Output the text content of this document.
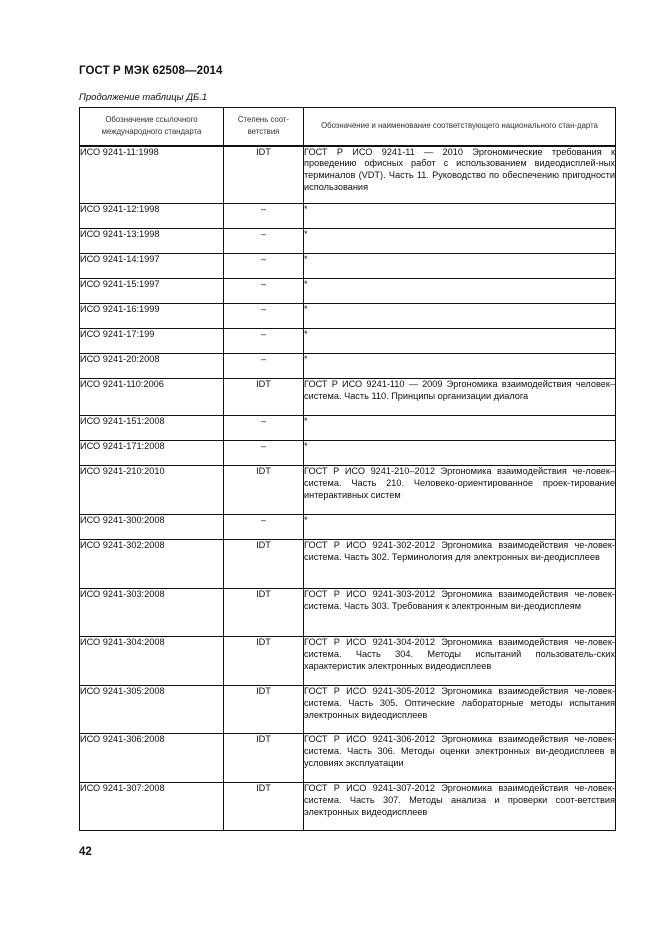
ГОСТ Р МЭК 62508—2014
Продолжение таблицы ДБ.1
Обозначение ссылочного международного стандарта	Степень соот-ветствия	Обозначение и наименование соответствующего национального стан-дарта
ИСО 9241-11:1998	IDT	ГОСТ Р ИСО 9241-11 — 2010 Эргономические требования к проведению офисных работ с использованием видеодисплей-ных терминалов (VDT). Часть 11. Руководство по обеспечению пригодности использования
ИСО 9241-12:1998	–	*
ИСО 9241-13:1998	–	*
ИСО 9241-14:1997	–	*
ИСО 9241-15:1997	–	*
ИСО 9241-16:1999	–	*
ИСО 9241-17:199	–	*
ИСО 9241-20:2008	–	*
ИСО 9241-110:2006	IDT	ГОСТ Р ИСО 9241-110 — 2009 Эргономика взаимодействия человек–система. Часть 110. Принципы организации диалога
ИСО 9241-151:2008	–	*
ИСО 9241-171:2008	–	*
ИСО 9241-210:2010	IDT	ГОСТ Р ИСО 9241-210–2012 Эргономика взаимодействия че-ловек–система. Часть 210. Человеко-ориентированное проек-тирование интерактивных систем
ИСО 9241-300:2008	–	*
ИСО 9241-302:2008	IDT	ГОСТ Р ИСО 9241-302-2012 Эргономика взаимодействия че-ловек-система. Часть 302. Терминология для электронных ви-деодисплеев
ИСО 9241-303:2008	IDT	ГОСТ Р ИСО 9241-303-2012 Эргономика взаимодействия че-ловек-система. Часть 303. Требования к электронным ви-деодисплеям
ИСО 9241-304:2008	IDT	ГОСТ Р ИСО 9241-304-2012 Эргономика взаимодействия че-ловек-система. Часть 304. Методы испытаний пользователь-ских характеристик электронных видеодисплеев
ИСО 9241-305:2008	IDT	ГОСТ Р ИСО 9241-305-2012 Эргономика взаимодействия че-ловек-система. Часть 305. Оптические лабораторные методы испытания электронных видеодисплеев
ИСО 9241-306:2008	IDT	ГОСТ Р ИСО 9241-306-2012 Эргономика взаимодействия че-ловек-система. Часть 306. Методы оценки электронных ви-деодисплеев в условиях эксплуатации
ИСО 9241-307:2008	IDT	ГОСТ Р ИСО 9241-307-2012 Эргономика взаимодействия че-ловек-система. Часть 307. Методы анализа и проверки соот-ветствия электронных видеодисплеев
42
